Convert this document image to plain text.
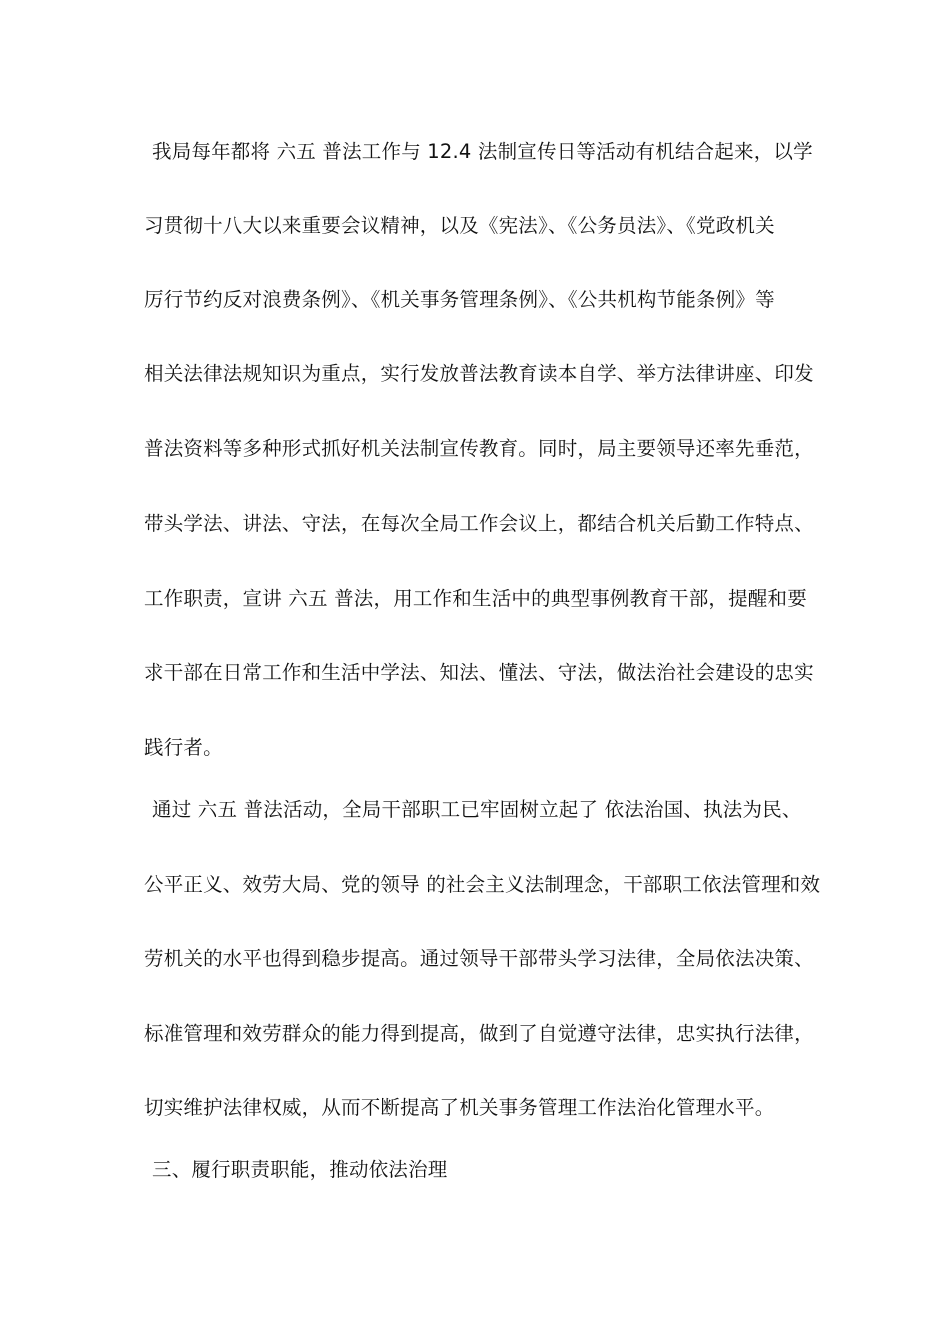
我局每年都将 六五 普法工作与 12.4 法制宣传日等活动有机结合起来，以学
习贯彻十八大以来重要会议精神，以及《宪法》、《公务员法》、《党政机关
厉行节约反对浪费条例》、《机关事务管理条例》、《公共机构节能条例》等
相关法律法规知识为重点，实行发放普法教育读本自学、举方法律讲座、印发
普法资料等多种形式抓好机关法制宣传教育。同时，局主要领导还率先垂范，
带头学法、讲法、守法，在每次全局工作会议上，都结合机关后勤工作特点、
工作职责，宣讲 六五 普法，用工作和生活中的典型事例教育干部，提醒和要
求干部在日常工作和生活中学法、知法、懂法、守法，做法治社会建设的忠实
践行者。
通过 六五 普法活动，全局干部职工已牢固树立起了 依法治国、执法为民、
公平正义、效劳大局、党的领导 的社会主义法制理念，干部职工依法管理和效
劳机关的水平也得到稳步提高。通过领导干部带头学习法律，全局依法决策、
标准管理和效劳群众的能力得到提高，做到了自觉遵守法律，忠实执行法律，
切实维护法律权威，从而不断提高了机关事务管理工作法治化管理水平。
三、履行职责职能，推动依法治理
